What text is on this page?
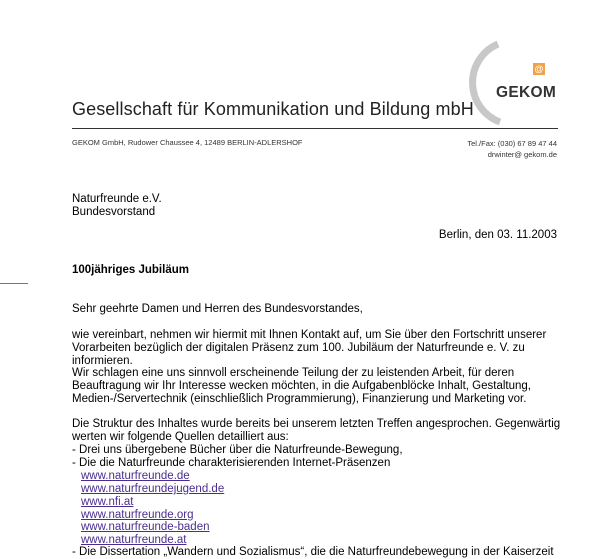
@
GEKOM
Gesellschaft für Kommunikation und Bildung mbH
GEKOM GmbH, Rudower Chaussee 4, 12489 BERLIN-ADLERSHOF	Tel./Fax: (030) 67 89 47 44
drwinter@ gekom.de
Naturfreunde e.V.
Bundesvorstand
Berlin, den 03. 11.2003
100jähriges Jubiläum
Sehr geehrte Damen und Herren des Bundesvorstandes,
wie vereinbart, nehmen wir hiermit mit Ihnen Kontakt auf, um Sie über den Fortschritt unserer
Vorarbeiten bezüglich der digitalen Präsenz zum 100. Jubiläum der Naturfreunde e. V. zu
informieren.
Wir schlagen eine uns sinnvoll erscheinende Teilung der zu leistenden Arbeit, für deren
Beauftragung wir Ihr Interesse wecken möchten, in die Aufgabenblöcke Inhalt, Gestaltung,
Medien-/Servertechnik (einschließlich Programmierung), Finanzierung und Marketing vor.
Die Struktur des Inhaltes wurde bereits bei unserem letzten Treffen angesprochen. Gegenwärtig
werten wir folgende Quellen detailliert aus:
- Drei uns übergebene Bücher über die Naturfreunde-Bewegung,
- Die die Naturfreunde charakterisierenden Internet-Präsenzen
www.naturfreunde.de
www.naturfreundejugend.de
www.nfi.at
www.naturfreunde.org
www.naturfreunde-baden
www.naturfreunde.at
- Die Dissertation „Wandern und Sozialismus“, die die Naturfreundebewegung in der Kaiserzeit
